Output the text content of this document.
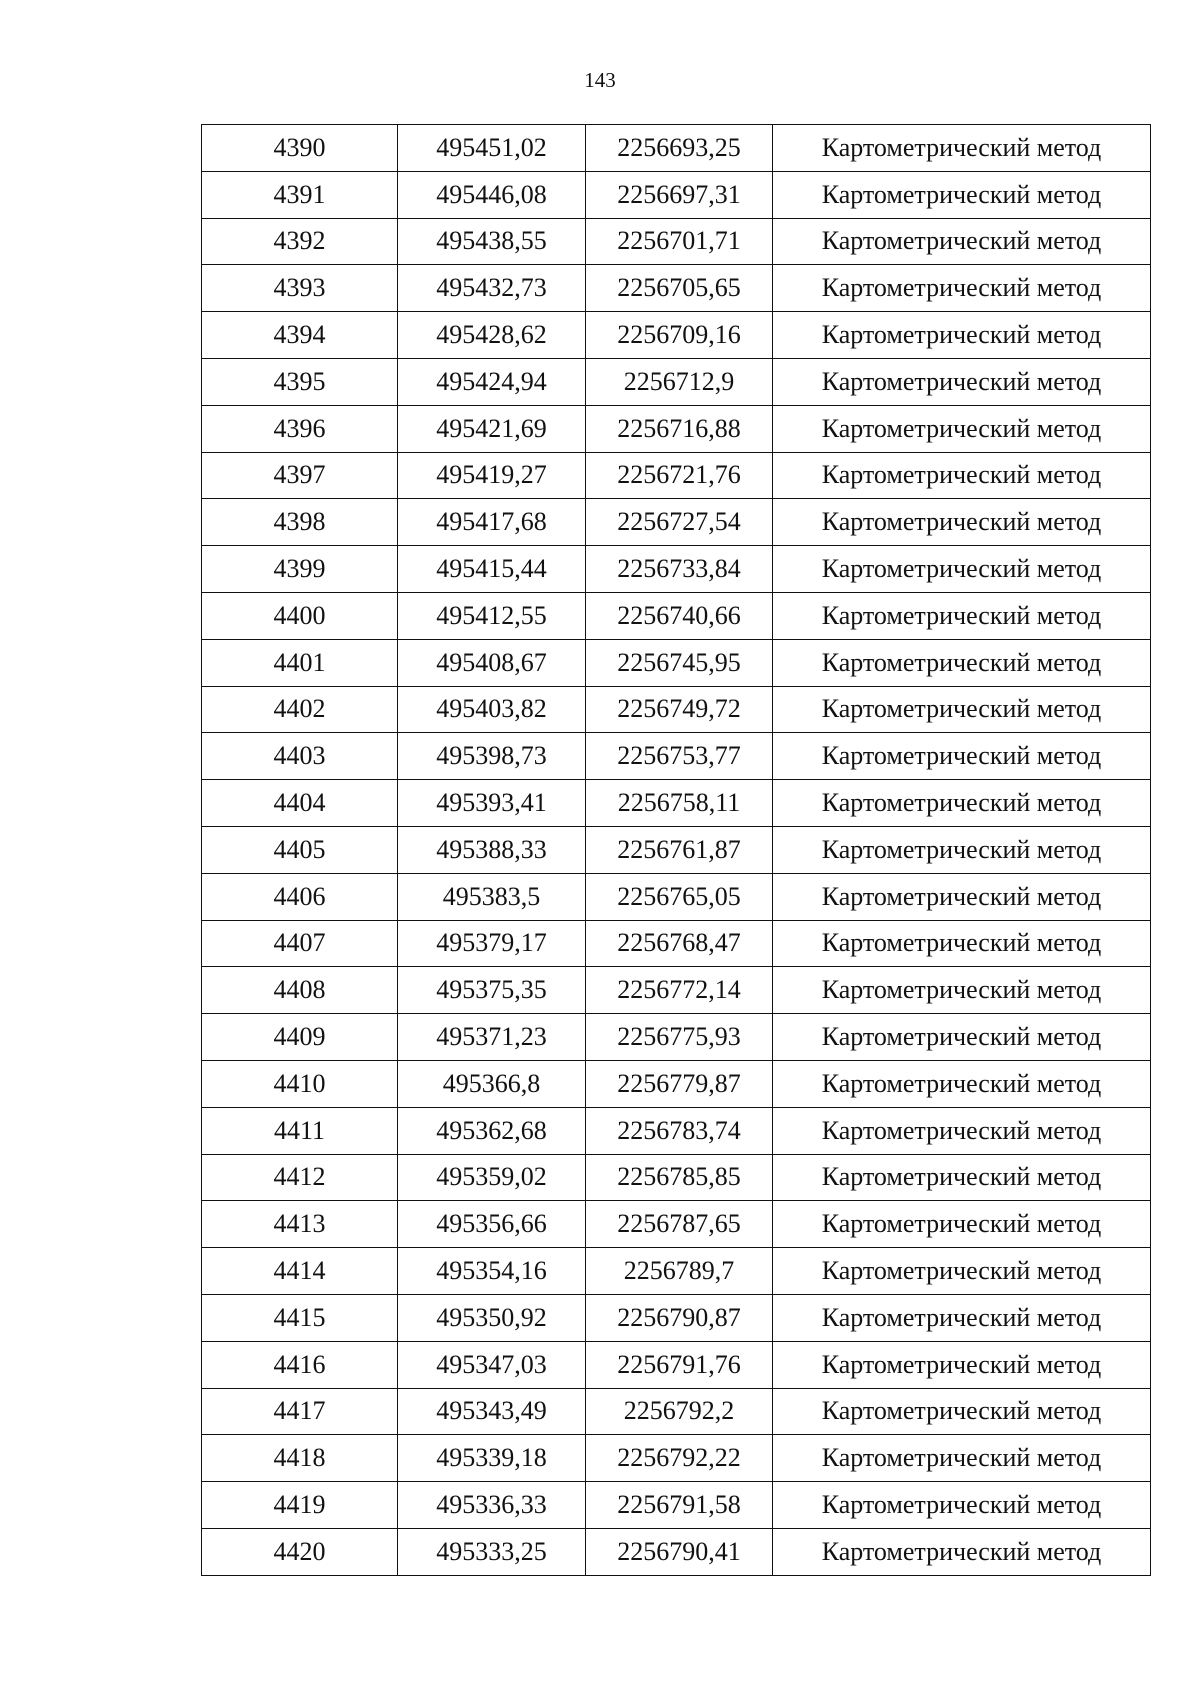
143
4390	495451,02	2256693,25	Картометрический метод
4391	495446,08	2256697,31	Картометрический метод
4392	495438,55	2256701,71	Картометрический метод
4393	495432,73	2256705,65	Картометрический метод
4394	495428,62	2256709,16	Картометрический метод
4395	495424,94	2256712,9	Картометрический метод
4396	495421,69	2256716,88	Картометрический метод
4397	495419,27	2256721,76	Картометрический метод
4398	495417,68	2256727,54	Картометрический метод
4399	495415,44	2256733,84	Картометрический метод
4400	495412,55	2256740,66	Картометрический метод
4401	495408,67	2256745,95	Картометрический метод
4402	495403,82	2256749,72	Картометрический метод
4403	495398,73	2256753,77	Картометрический метод
4404	495393,41	2256758,11	Картометрический метод
4405	495388,33	2256761,87	Картометрический метод
4406	495383,5	2256765,05	Картометрический метод
4407	495379,17	2256768,47	Картометрический метод
4408	495375,35	2256772,14	Картометрический метод
4409	495371,23	2256775,93	Картометрический метод
4410	495366,8	2256779,87	Картометрический метод
4411	495362,68	2256783,74	Картометрический метод
4412	495359,02	2256785,85	Картометрический метод
4413	495356,66	2256787,65	Картометрический метод
4414	495354,16	2256789,7	Картометрический метод
4415	495350,92	2256790,87	Картометрический метод
4416	495347,03	2256791,76	Картометрический метод
4417	495343,49	2256792,2	Картометрический метод
4418	495339,18	2256792,22	Картометрический метод
4419	495336,33	2256791,58	Картометрический метод
4420	495333,25	2256790,41	Картометрический метод
